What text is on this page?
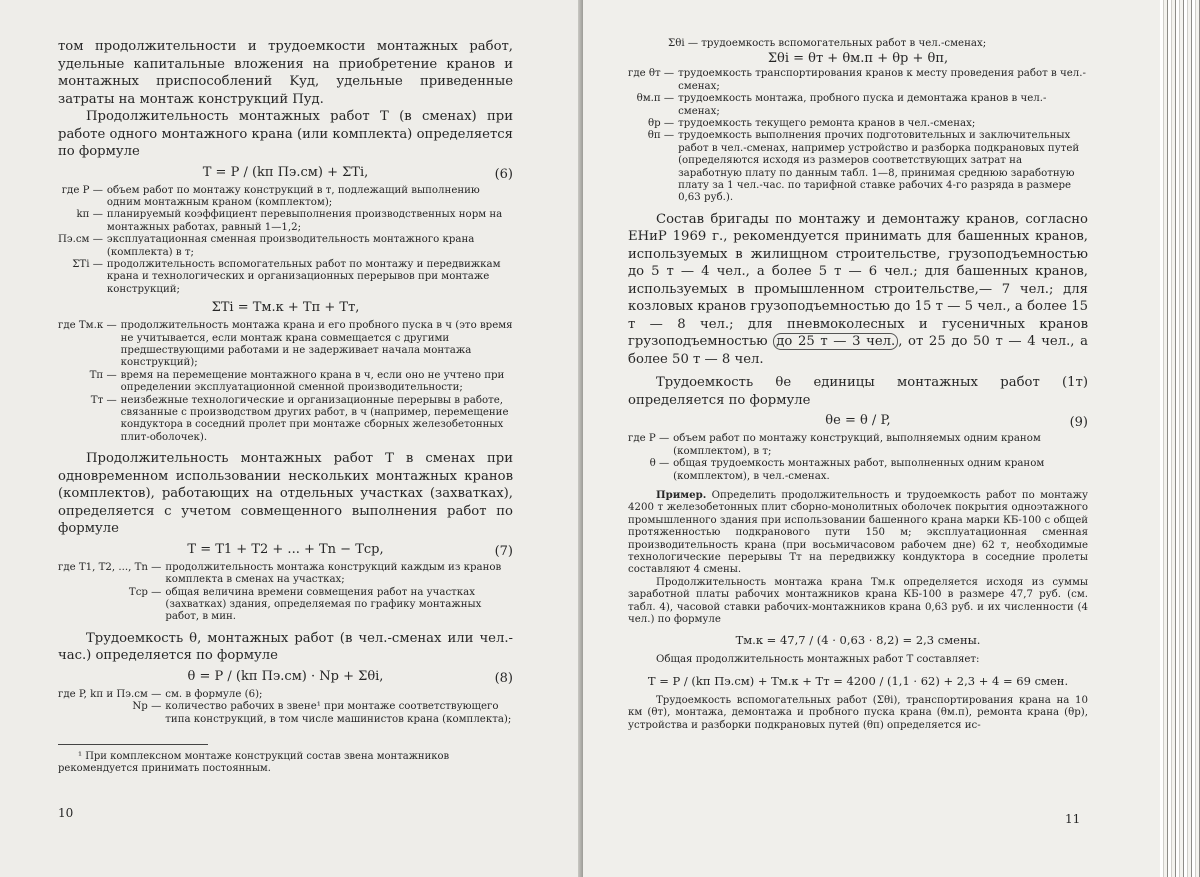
том продолжительности и трудоемкости монтажных работ, удельные капитальные вложения на приобретение кранов и монтажных приспособлений Kуд, удельные приведенные затраты на монтаж конструкций Пуд.

Продолжительность монтажных работ T (в сменах) при работе одного монтажного крана (или комплекта) определяется по формуле

T = P / (kп Пэ.см) + ΣTi,	(6)
где P — объем работ по монтажу конструкций в т, подлежащий выполнению одним монтажным краном (комплектом);
kп — планируемый коэффициент перевыполнения производственных норм на монтажных работах, равный 1—1,2;
Пэ.см — эксплуатационная сменная производительность монтажного крана (комплекта) в т;
ΣTi — продолжительность вспомогательных работ по монтажу и передвижкам крана и технологических и организационных перерывов при монтаже конструкций;
ΣTi = Tм.к + Tп + Tт,
где Tм.к — продолжительность монтажа крана и его пробного пуска в ч (это время не учитывается, если монтаж крана совмещается с другими предшествующими работами и не задерживает начала монтажа конструкций);
Tп — время на перемещение монтажного крана в ч, если оно не учтено при определении эксплуатационной сменной производительности;
Tт — неизбежные технологические и организационные перерывы в работе, связанные с производством других работ, в ч (например, перемещение кондуктора в соседний пролет при монтаже сборных железобетонных плит-оболочек).

Продолжительность монтажных работ T в сменах при одновременном использовании нескольких монтажных кранов (комплектов), работающих на отдельных участках (захватках), определяется с учетом совмещенного выполнения работ по формуле

T = T1 + T2 + ... + Tn − Tср,	(7)
где T1, T2, ..., Tn — продолжительность монтажа конструкций каждым из кранов комплекта в сменах на участках;
Tср — общая величина времени совмещения работ на участках (захватках) здания, определяемая по графику монтажных работ, в мин.

Трудоемкость θ, монтажных работ (в чел.-сменах или чел.-час.) определяется по формуле

θ = P / (kп Пэ.см) · Nр + Σθi,	(8)
где P, kп и Пэ.см — см. в формуле (6);
Nр — количество рабочих в звене¹ при монтаже соответствующего типа конструкций, в том числе машинистов крана (комплекта);

¹ При комплексном монтаже конструкций состав звена монтажников рекомендуется принимать постоянным.

10

Σθi — трудоемкость вспомогательных работ в чел.-сменах;

Σθi = θт + θм.п + θр + θп,
где θт — трудоемкость транспортирования кранов к месту проведения работ в чел.-сменах;
θм.п — трудоемкость монтажа, пробного пуска и демонтажа кранов в чел.-сменах;
θр — трудоемкость текущего ремонта кранов в чел.-сменах;
θп — трудоемкость выполнения прочих подготовительных и заключительных работ в чел.-сменах, например устройство и разборка подкрановых путей (определяются исходя из размеров соответствующих затрат на заработную плату по данным табл. 1—8, принимая среднюю заработную плату за 1 чел.-час. по тарифной ставке рабочих 4-го разряда в размере 0,63 руб.).

Состав бригады по монтажу и демонтажу кранов, согласно ЕНиР 1969 г., рекомендуется принимать для башенных кранов, используемых в жилищном строительстве, грузоподъемностью до 5 т — 4 чел., а более 5 т — 6 чел.; для башенных кранов, используемых в промышленном строительстве,— 7 чел.; для козловых кранов грузоподъемностью до 15 т — 5 чел., а более 15 т — 8 чел.; для пневмоколесных и гусеничных кранов грузоподъемностью до 25 т — 3 чел. , от 25 до 50 т — 4 чел., а более 50 т — 8 чел.

Трудоемкость θе единицы монтажных работ (1т) определяется по формуле

θе = θ / P,	(9)
где P — объем работ по монтажу конструкций, выполняемых одним краном (комплектом), в т;
θ — общая трудоемкость монтажных работ, выполненных одним краном (комплектом), в чел.-сменах.

Пример. Определить продолжительность и трудоемкость работ по монтажу 4200 т железобетонных плит сборно-монолитных оболочек покрытия одноэтажного промышленного здания при использовании башенного крана марки КБ-100 с общей протяженностью подкранового пути 150 м; эксплуатационная сменная производительность крана (при восьмичасовом рабочем дне) 62 т, необходимые технологические перерывы Tт на передвижку кондуктора в соседние пролеты составляют 4 смены.

Продолжительность монтажа крана Tм.к определяется исходя из суммы заработной платы рабочих монтажников крана КБ-100 в размере 47,7 руб. (см. табл. 4), часовой ставки рабочих-монтажников крана 0,63 руб. и их численности (4 чел.) по формуле

Tм.к = 47,7 / (4 · 0,63 · 8,2) = 2,3 смены.

Общая продолжительность монтажных работ T составляет:

T = P / (kп Пэ.см) + Tм.к + Tт = 4200 / (1,1 · 62) + 2,3 + 4 = 69 смен.

Трудоемкость вспомогательных работ (Σθi), транспортирования крана на 10 км (θт), монтажа, демонтажа и пробного пуска крана (θм.п), ремонта крана (θр), устройства и разборки подкрановых путей (θп) определяется ис-

11
